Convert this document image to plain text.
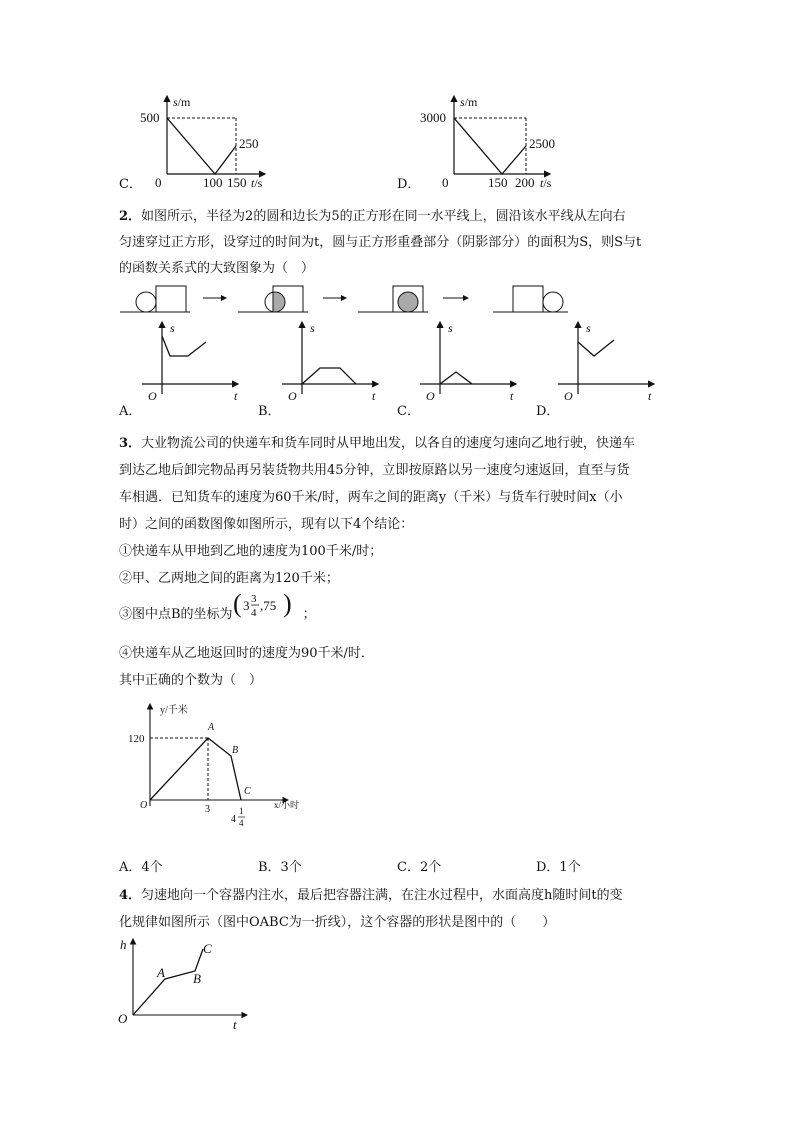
C．
s/m
500
250
0	100 150 t/s	D．
s/m
3000
2500
0	150 200 t/s
2．如图所示，半径为2的圆和边长为5的正方形在同一水平线上，圆沿该水平线从左向右
匀速穿过正方形，设穿过的时间为t，圆与正方形重叠部分（阴影部分）的面积为S，则S与t
的函数关系式的大致图象为（　）
A．
s
t
O
B．
s
t
O
C．
s
t
O
D．
s
t
O
3．大业物流公司的快递车和货车同时从甲地出发，以各自的速度匀速向乙地行驶，快递车
到达乙地后卸完物品再另装货物共用45分钟，立即按原路以另一速度匀速返回，直至与货
车相遇．已知货车的速度为60千米/时，两车之间的距离y（千米）与货车行驶时间x（小
时）之间的函数图像如图所示，现有以下4个结论：
①快递车从甲地到乙地的速度为100千米/时；
②甲、乙两地之间的距离为120千米；
③图中点B的坐标为 ( 3 3
4 ,75 ) ；
④快递车从乙地返回时的速度为90千米/时．
其中正确的个数为（　）
y/千米
120
O
A
B
C
3
4
1
4
x/小时
A．4个	B．3个	C．2个	D．1个
4．匀速地向一个容器内注水，最后把容器注满，在注水过程中，水面高度h随时间t的变
化规律如图所示（图中OABC为一折线），这个容器的形状是图中的（　　）
h
t
O
A B
C
